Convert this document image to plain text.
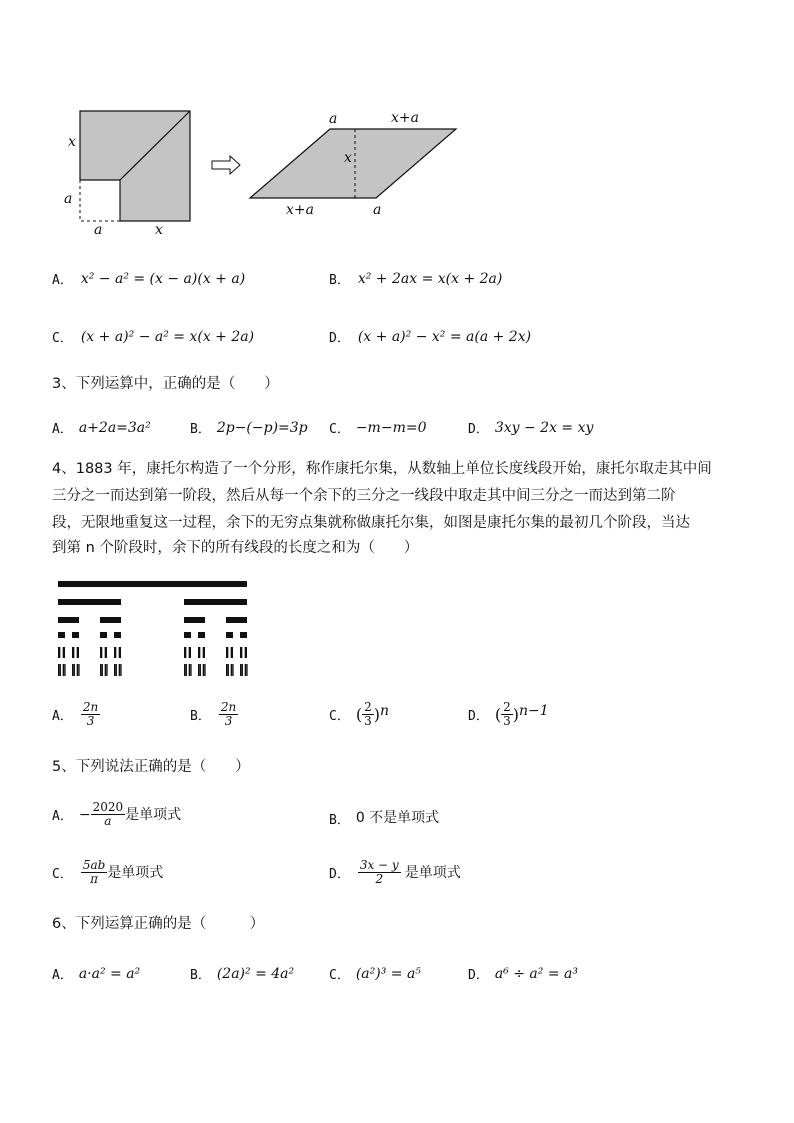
x
a
a	x
a	x+a
x
x+a	a
A． x² − a² = (x − a)(x + a)	B． x² + 2ax = x(x + 2a)
C． (x + a)² − a² = x(x + 2a)	D． (x + a)² − x² = a(a + 2x)
3、下列运算中，正确的是（　　）
A． a+2a=3a²	B． 2p−(−p)=3p C． −m−m=0	D． 3xy − 2x = xy
4、1883 年，康托尔构造了一个分形，称作康托尔集，从数轴上单位长度线段开始，康托尔取走其中间
三分之一而达到第一阶段，然后从每一个余下的三分之一线段中取走其中间三分之一而达到第二阶
段，无限地重复这一过程，余下的无穷点集就称做康托尔集，如图是康托尔集的最初几个阶段，当达
到第 n 个阶段时，余下的所有线段的长度之和为（　　）
A． $\frac{2n}{3}$	B． $\frac{2n}{3}$	C． ( $\frac{2}{3}$ ) n	D． ( $\frac{2}{3}$ ) n−1
5、下列说法正确的是（　　）
A． − $\frac{2020}{a}$ 是单项式	B． 0 不是单项式
C． $\frac{5ab}{\pi}$ 是单项式	D． $\frac{3x - y}{2}$ 是单项式
6、下列运算正确的是（　　　）
A． a·a² = a²	B． (2a)² = 4a²	C． (a²)³ = a⁵	D． a⁶ ÷ a² = a³
